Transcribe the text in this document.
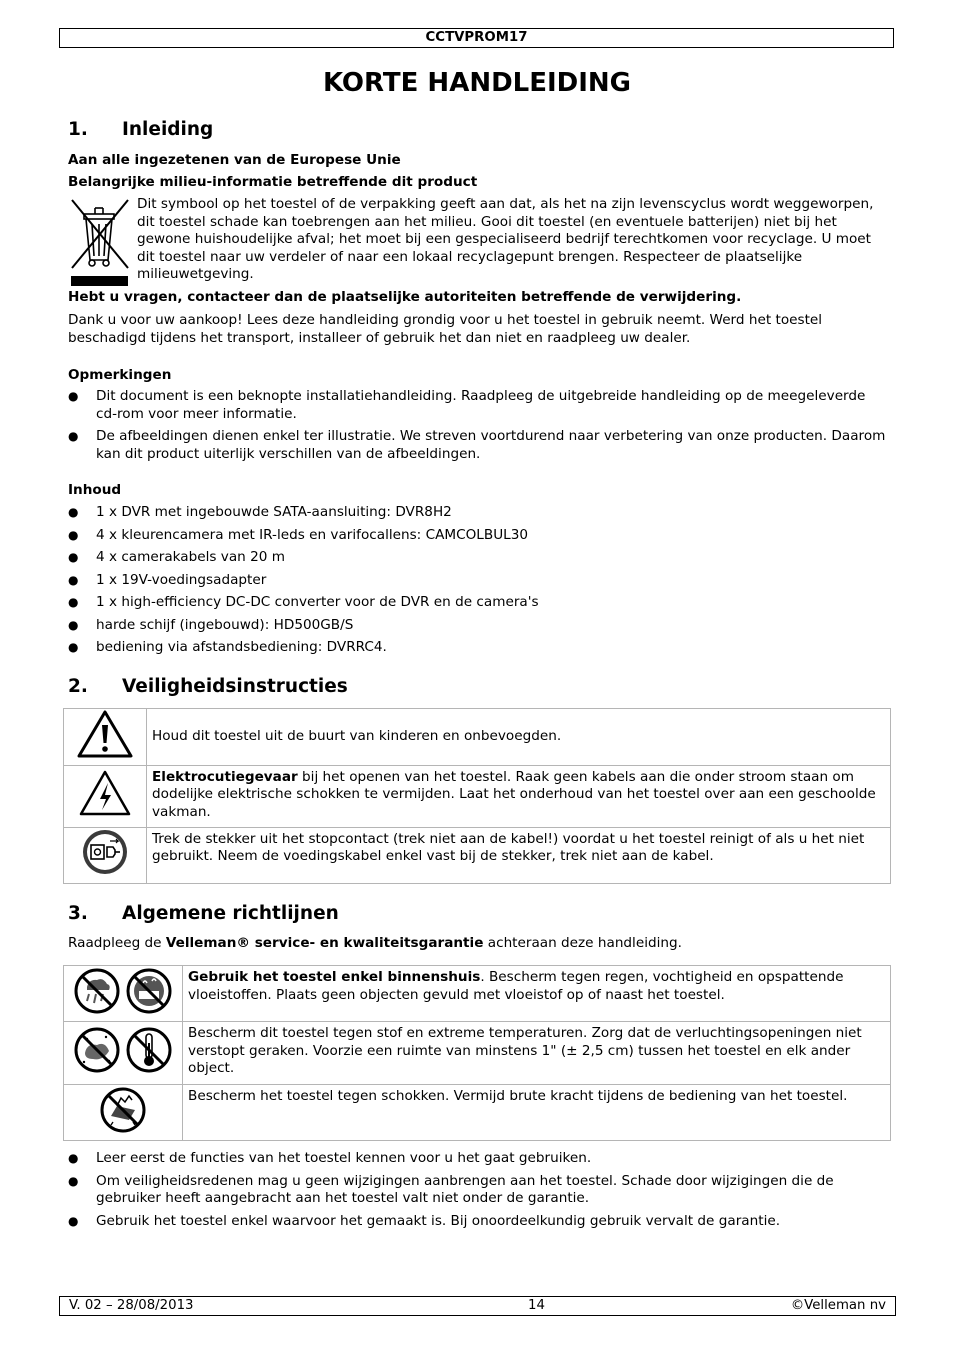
CCTVPROM17
KORTE HANDLEIDING
1. Inleiding
Aan alle ingezetenen van de Europese Unie
Belangrijke milieu-informatie betreffende dit product
Dit symbool op het toestel of de verpakking geeft aan dat, als het na zijn levenscyclus wordt weggeworpen, dit toestel schade kan toebrengen aan het milieu. Gooi dit toestel (en eventuele batterijen) niet bij het gewone huishoudelijke afval; het moet bij een gespecialiseerd bedrijf terechtkomen voor recyclage. U moet dit toestel naar uw verdeler of naar een lokaal recyclagepunt brengen. Respecteer de plaatselijke milieuwetgeving.
Hebt u vragen, contacteer dan de plaatselijke autoriteiten betreffende de verwijdering.
Dank u voor uw aankoop! Lees deze handleiding grondig voor u het toestel in gebruik neemt. Werd het toestel beschadigd tijdens het transport, installeer of gebruik het dan niet en raadpleeg uw dealer.
Opmerkingen
● Dit document is een beknopte installatiehandleiding. Raadpleeg de uitgebreide handleiding op de meegeleverde cd-rom voor meer informatie.
● De afbeeldingen dienen enkel ter illustratie. We streven voortdurend naar verbetering van onze producten. Daarom kan dit product uiterlijk verschillen van de afbeeldingen.
Inhoud
● 1 x DVR met ingebouwde SATA-aansluiting: DVR8H2
● 4 x kleurencamera met IR-leds en varifocallens: CAMCOLBUL30
● 4 x camerakabels van 20 m
● 1 x 19V-voedingsadapter
● 1 x high-efficiency DC-DC converter voor de DVR en de camera's
● harde schijf (ingebouwd): HD500GB/S
● bediening via afstandsbediening: DVRRC4.
2. Veiligheidsinstructies
	Houd dit toestel uit de buurt van kinderen en onbevoegden.
	Elektrocutiegevaar bij het openen van het toestel. Raak geen kabels aan die onder stroom staan om dodelijke elektrische schokken te vermijden. Laat het onderhoud van het toestel over aan een geschoolde vakman.
	Trek de stekker uit het stopcontact (trek niet aan de kabel!) voordat u het toestel reinigt of als u het niet gebruikt. Neem de voedingskabel enkel vast bij de stekker, trek niet aan de kabel.
3. Algemene richtlijnen
Raadpleeg de Velleman® service- en kwaliteitsgarantie achteraan deze handleiding.
	Gebruik het toestel enkel binnenshuis. Bescherm tegen regen, vochtigheid en opspattende vloeistoffen. Plaats geen objecten gevuld met vloeistof op of naast het toestel.
	Bescherm dit toestel tegen stof en extreme temperaturen. Zorg dat de verluchtingsopeningen niet verstopt geraken. Voorzie een ruimte van minstens 1" (± 2,5 cm) tussen het toestel en elk ander object.
	Bescherm het toestel tegen schokken. Vermijd brute kracht tijdens de bediening van het toestel.
● Leer eerst de functies van het toestel kennen voor u het gaat gebruiken.
● Om veiligheidsredenen mag u geen wijzigingen aanbrengen aan het toestel. Schade door wijzigingen die de gebruiker heeft aangebracht aan het toestel valt niet onder de garantie.
● Gebruik het toestel enkel waarvoor het gemaakt is. Bij onoordeelkundig gebruik vervalt de garantie.
V. 02 – 28/08/2013	14	©Velleman nv
